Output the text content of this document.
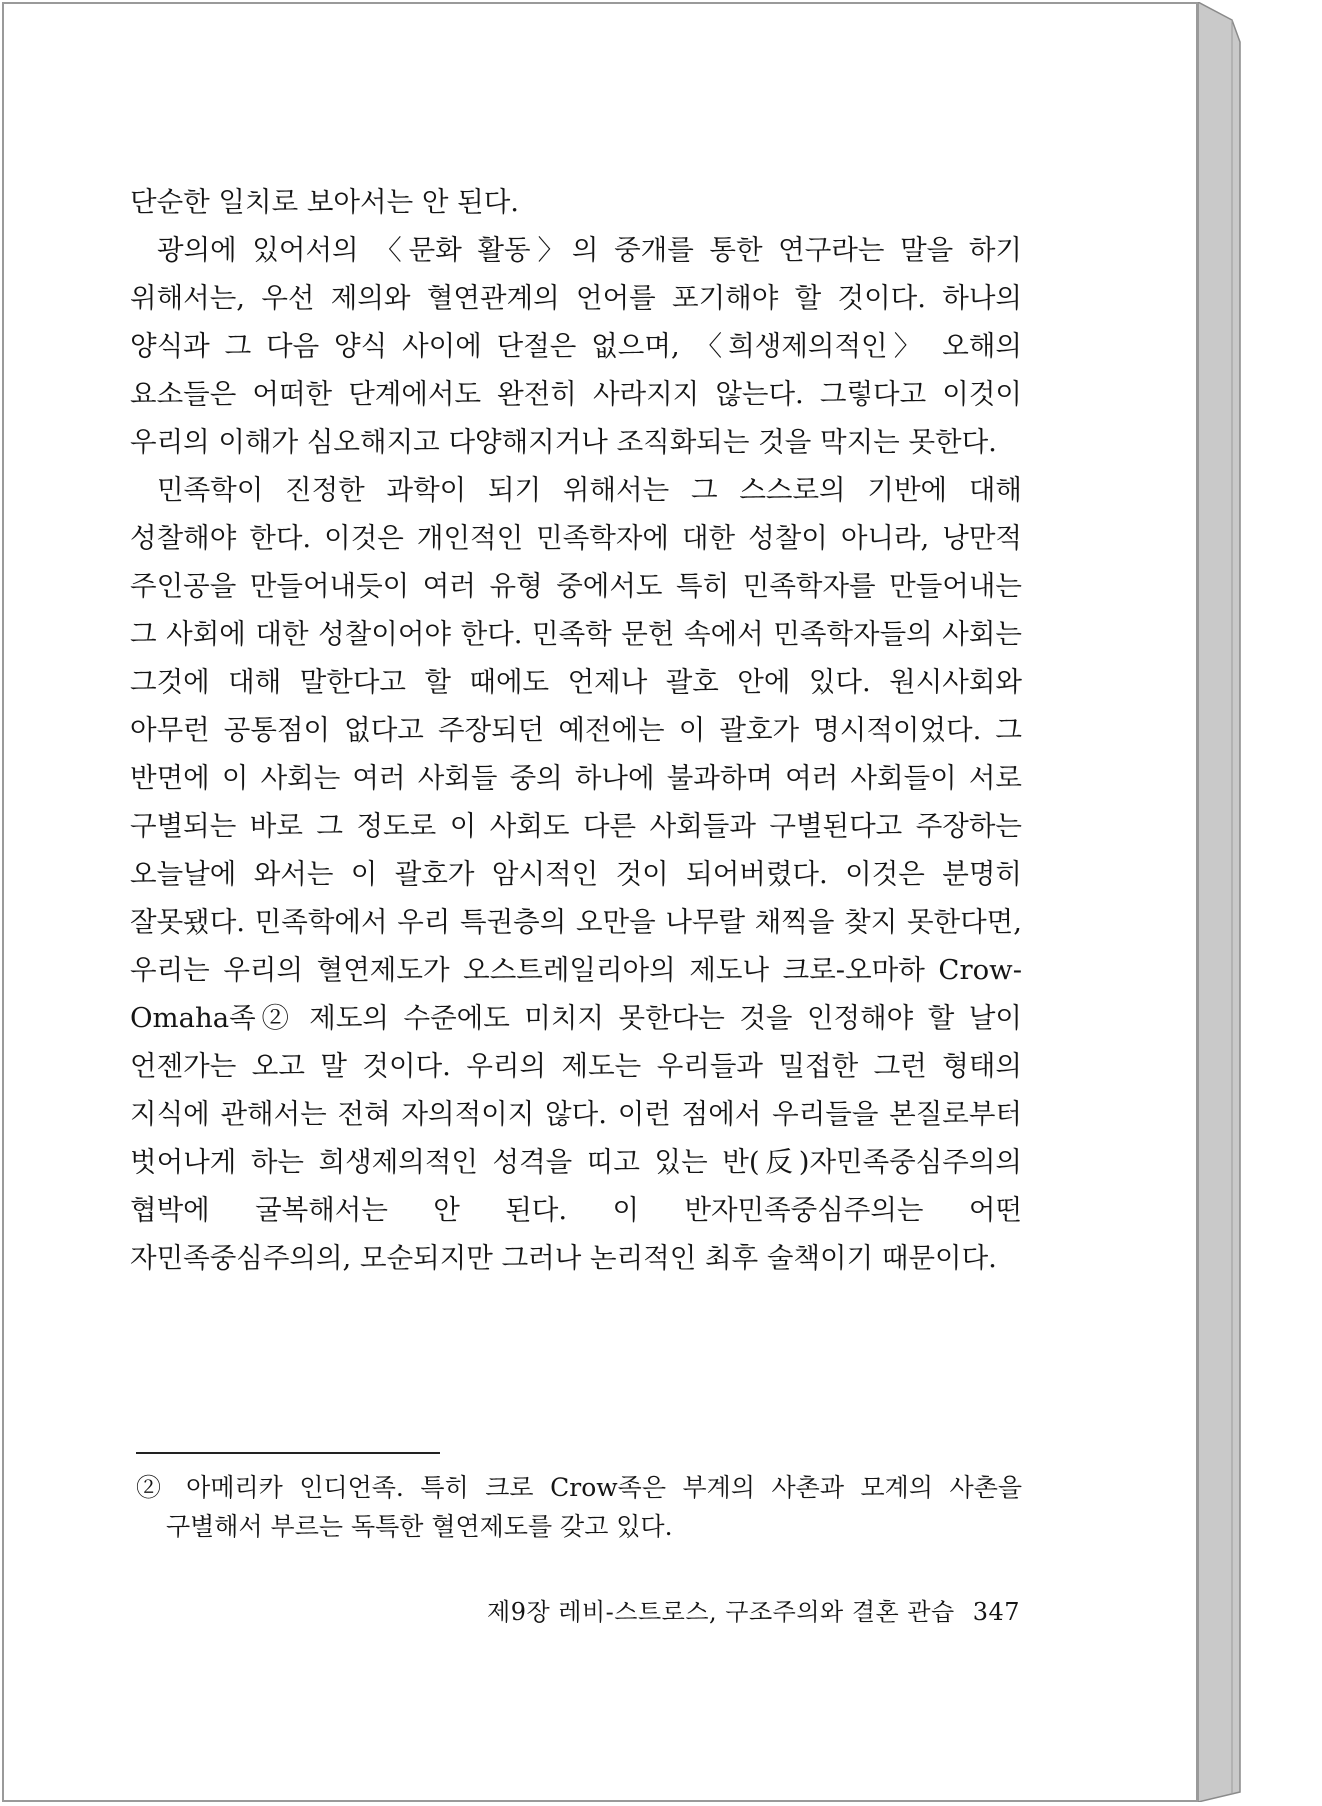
단순한 일치로 보아서는 안 된다.

광의에 있어서의 〈문화 활동〉의 중개를 통한 연구라는 말을 하기 위해서는, 우선 제의와 혈연관계의 언어를 포기해야 할 것이다. 하나의 양식과 그 다음 양식 사이에 단절은 없으며, 〈희생제의적인〉 오해의 요소들은 어떠한 단계에서도 완전히 사라지지 않는다. 그렇다고 이것이 우리의 이해가 심오해지고 다양해지거나 조직화되는 것을 막지는 못한다.

민족학이 진정한 과학이 되기 위해서는 그 스스로의 기반에 대해 성찰해야 한다. 이것은 개인적인 민족학자에 대한 성찰이 아니라, 낭만적 주인공을 만들어내듯이 여러 유형 중에서도 특히 민족학자를 만들어내는 그 사회에 대한 성찰이어야 한다. 민족학 문헌 속에서 민족학자들의 사회는 그것에 대해 말한다고 할 때에도 언제나 괄호 안에 있다. 원시사회와 아무런 공통점이 없다고 주장되던 예전에는 이 괄호가 명시적이었다. 그 반면에 이 사회는 여러 사회들 중의 하나에 불과하며 여러 사회들이 서로 구별되는 바로 그 정도로 이 사회도 다른 사회들과 구별된다고 주장하는 오늘날에 와서는 이 괄호가 암시적인 것이 되어버렸다. 이것은 분명히 잘못됐다. 민족학에서 우리 특권층의 오만을 나무랄 채찍을 찾지 못한다면, 우리는 우리의 혈연제도가 오스트레일리아의 제도나 크로-오마하 Crow-Omaha족② 제도의 수준에도 미치지 못한다는 것을 인정해야 할 날이 언젠가는 오고 말 것이다. 우리의 제도는 우리들과 밀접한 그런 형태의 지식에 관해서는 전혀 자의적이지 않다. 이런 점에서 우리들을 본질로부터 벗어나게 하는 희생제의적인 성격을 띠고 있는 반(反)자민족중심주의의 협박에 굴복해서는 안 된다. 이 반자민족중심주의는 어떤 자민족중심주의의, 모순되지만 그러나 논리적인 최후 술책이기 때문이다.

② 아메리카 인디언족. 특히 크로 Crow족은 부계의 사촌과 모계의 사촌을 구별해서 부르는 독특한 혈연제도를 갖고 있다.
제9장 레비-스트로스, 구조주의와 결혼 관습 347
